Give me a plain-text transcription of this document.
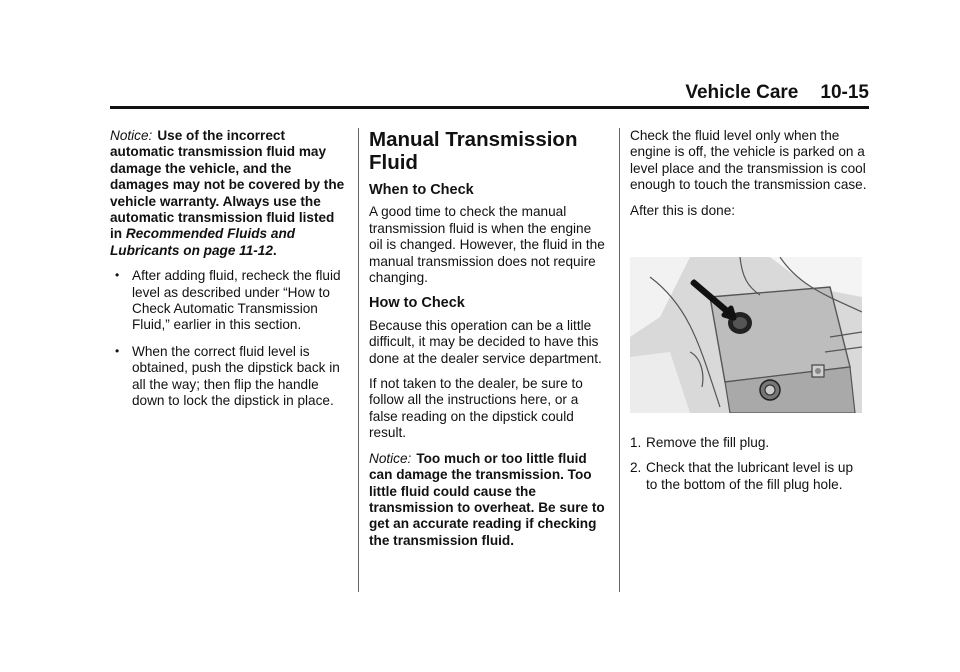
Vehicle Care 10-15

Notice: Use of the incorrect automatic transmission fluid may damage the vehicle, and the damages may not be covered by the vehicle warranty. Always use the automatic transmission fluid listed in Recommended Fluids and Lubricants on page 11-12.

• After adding fluid, recheck the fluid level as described under “How to Check Automatic Transmission Fluid,” earlier in this section.
• When the correct fluid level is obtained, push the dipstick back in all the way; then flip the handle down to lock the dipstick in place.
Manual Transmission Fluid
When to Check

A good time to check the manual transmission fluid is when the engine oil is changed. However, the fluid in the manual transmission does not require changing.

How to Check

Because this operation can be a little difficult, it may be decided to have this done at the dealer service department.

If not taken to the dealer, be sure to follow all the instructions here, or a false reading on the dipstick could result.

Notice: Too much or too little fluid can damage the transmission. Too little fluid could cause the transmission to overheat. Be sure to get an accurate reading if checking the transmission fluid.

Check the fluid level only when the engine is off, the vehicle is parked on a level place and the transmission is cool enough to touch the transmission case.

After this is done:

1. Remove the fill plug.
2. Check that the lubricant level is up to the bottom of the fill plug hole.
